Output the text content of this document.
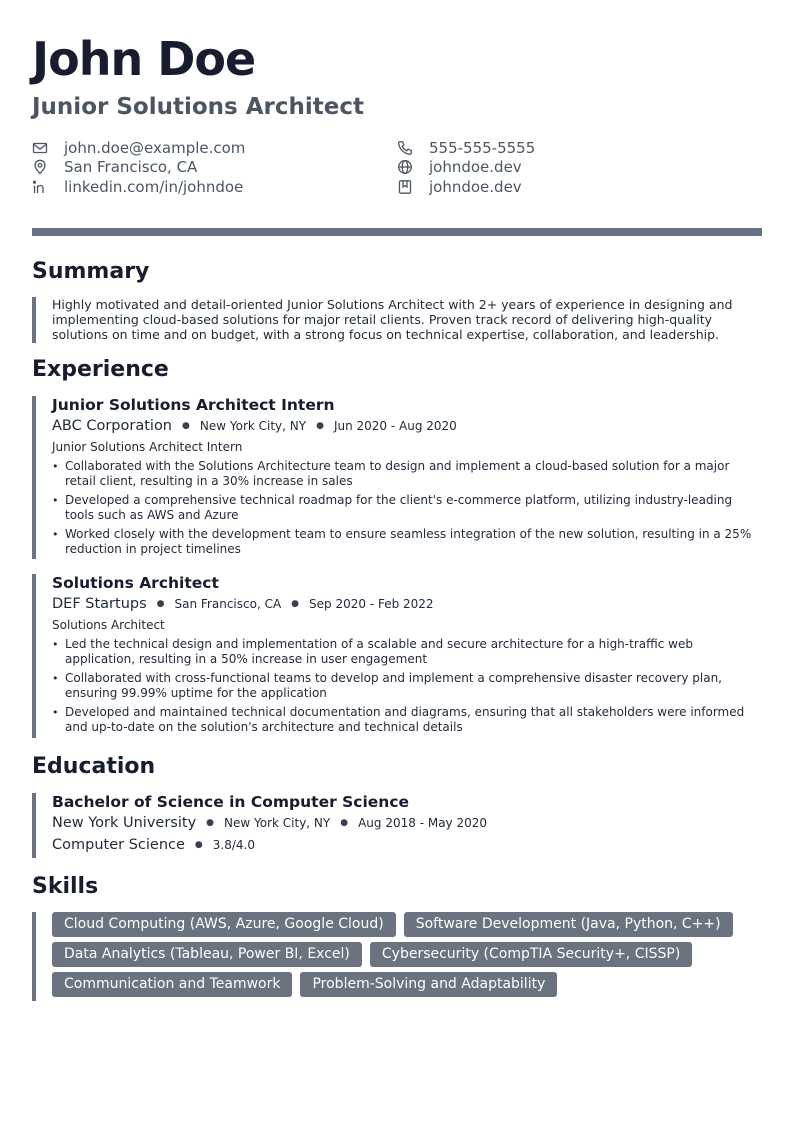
John Doe
Junior Solutions Architect
john.doe@example.com
San Francisco, CA
linkedin.com/in/johndoe
555-555-5555
johndoe.dev
johndoe.dev
Summary
Highly motivated and detail-oriented Junior Solutions Architect with 2+ years of experience in designing and implementing cloud-based solutions for major retail clients. Proven track record of delivering high-quality solutions on time and on budget, with a strong focus on technical expertise, collaboration, and leadership.
Experience
Junior Solutions Architect Intern
ABC Corporation ● New York City, NY ● Jun 2020 - Aug 2020
Junior Solutions Architect Intern
• Collaborated with the Solutions Architecture team to design and implement a cloud-based solution for a major retail client, resulting in a 30% increase in sales
• Developed a comprehensive technical roadmap for the client's e-commerce platform, utilizing industry-leading tools such as AWS and Azure
• Worked closely with the development team to ensure seamless integration of the new solution, resulting in a 25% reduction in project timelines
Solutions Architect
DEF Startups ● San Francisco, CA ● Sep 2020 - Feb 2022
Solutions Architect
• Led the technical design and implementation of a scalable and secure architecture for a high-traffic web application, resulting in a 50% increase in user engagement
• Collaborated with cross-functional teams to develop and implement a comprehensive disaster recovery plan, ensuring 99.99% uptime for the application
• Developed and maintained technical documentation and diagrams, ensuring that all stakeholders were informed and up-to-date on the solution's architecture and technical details
Education
Bachelor of Science in Computer Science
New York University ● New York City, NY ● Aug 2018 - May 2020
Computer Science ● 3.8/4.0
Skills
Cloud Computing (AWS, Azure, Google Cloud)	Software Development (Java, Python, C++)
Data Analytics (Tableau, Power BI, Excel)	Cybersecurity (CompTIA Security+, CISSP)
Communication and Teamwork	Problem-Solving and Adaptability
